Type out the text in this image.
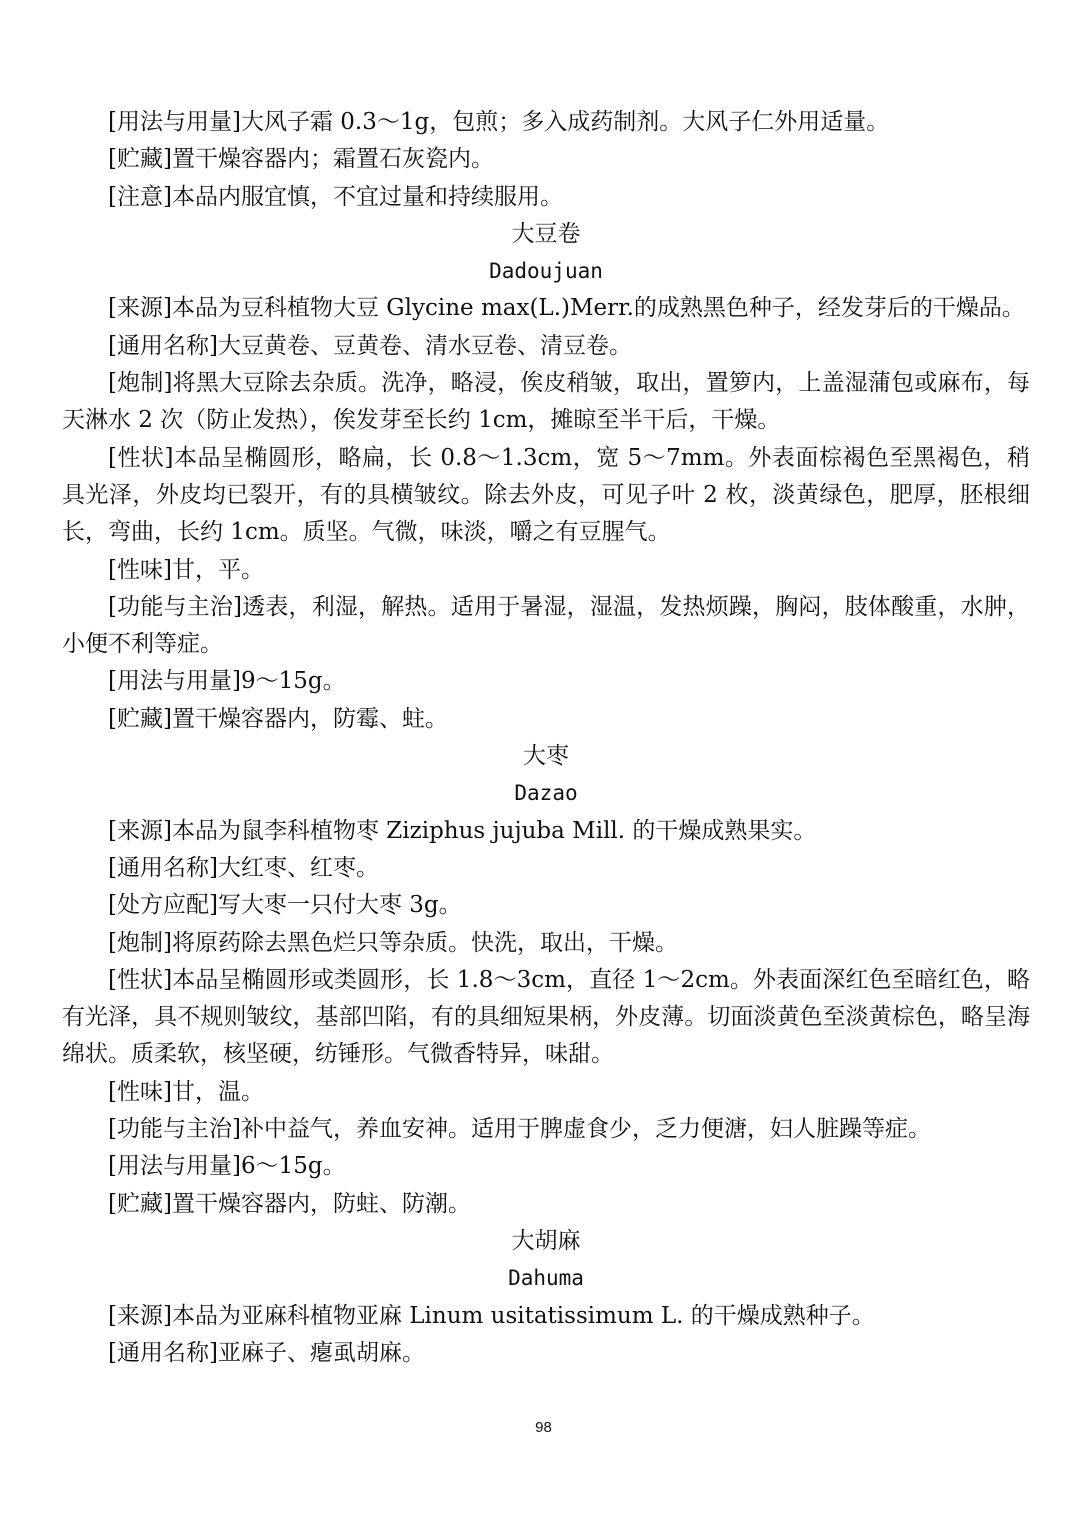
[用法与用量]大风子霜 0.3～1g，包煎；多入成药制剂。大风子仁外用适量。

[贮藏]置干燥容器内；霜置石灰瓷内。

[注意]本品内服宜慎，不宜过量和持续服用。

大豆卷

Dadoujuan

[来源]本品为豆科植物大豆 Glycine max(L.)Merr.的成熟黑色种子，经发芽后的干燥品。

[通用名称]大豆黄卷、豆黄卷、清水豆卷、清豆卷。

[炮制]将黑大豆除去杂质。洗净，略浸，俟皮稍皱，取出，置箩内，上盖湿蒲包或麻布，每天淋水 2 次（防止发热），俟发芽至长约 1cm，摊晾至半干后，干燥。

[性状]本品呈椭圆形，略扁，长 0.8～1.3cm，宽 5～7mm。外表面棕褐色至黑褐色，稍具光泽，外皮均已裂开，有的具横皱纹。除去外皮，可见子叶 2 枚，淡黄绿色，肥厚，胚根细长，弯曲，长约 1cm。质坚。气微，味淡，嚼之有豆腥气。

[性味]甘，平。

[功能与主治]透表，利湿，解热。适用于暑湿，湿温，发热烦躁，胸闷，肢体酸重，水肿，小便不利等症。

[用法与用量]9～15g。

[贮藏]置干燥容器内，防霉、蛀。

大枣

Dazao

[来源]本品为鼠李科植物枣 Ziziphus jujuba Mill. 的干燥成熟果实。

[通用名称]大红枣、红枣。

[处方应配]写大枣一只付大枣 3g。

[炮制]将原药除去黑色烂只等杂质。快洗，取出，干燥。

[性状]本品呈椭圆形或类圆形，长 1.8～3cm，直径 1～2cm。外表面深红色至暗红色，略有光泽，具不规则皱纹，基部凹陷，有的具细短果柄，外皮薄。切面淡黄色至淡黄棕色，略呈海绵状。质柔软，核坚硬，纺锤形。气微香特异，味甜。

[性味]甘，温。

[功能与主治]补中益气，养血安神。适用于脾虚食少，乏力便溏，妇人脏躁等症。

[用法与用量]6～15g。

[贮藏]置干燥容器内，防蛀、防潮。

大胡麻

Dahuma

[来源]本品为亚麻科植物亚麻 Linum usitatissimum L. 的干燥成熟种子。

[通用名称]亚麻子、瘪虱胡麻。

98
